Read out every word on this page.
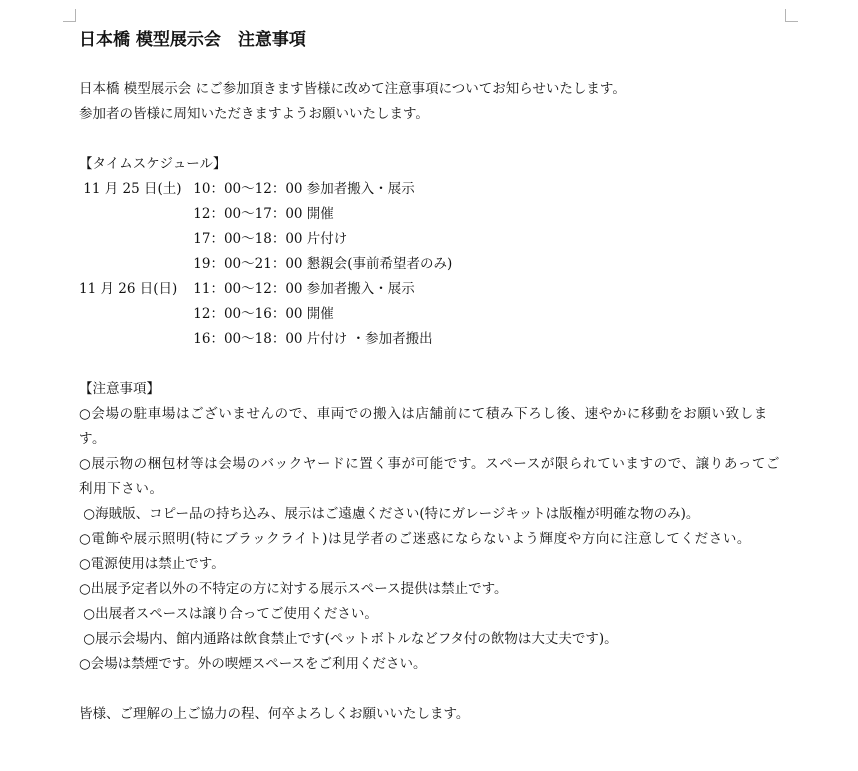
日本橋 模型展示会　注意事項
日本橋 模型展示会 にご参加頂きます皆様に改めて注意事項についてお知らせいたします。
参加者の皆様に周知いただきますようお願いいたします。
【タイムスケジュール】
11 月 25 日(土) 10：00～12：00 参加者搬入・展示
12：00～17：00 開催
17：00～18：00 片付け
19：00～21：00 懇親会(事前希望者のみ)
11 月 26 日(日) 11：00～12：00 参加者搬入・展示
12：00～16：00 開催
16：00～18：00 片付け ・参加者搬出
【注意事項】
○会場の駐車場はございませんので、車両での搬入は店舗前にて積み下ろし後、速やかに移動をお願い致します。
○展示物の梱包材等は会場のバックヤードに置く事が可能です。スペースが限られていますので、譲りあってご利用下さい。
○海賊版、コピー品の持ち込み、展示はご遠慮ください(特にガレージキットは版権が明確な物のみ)。
○電飾や展示照明(特にブラックライト)は見学者のご迷惑にならないよう輝度や方向に注意してください。
○電源使用は禁止です。
○出展予定者以外の不特定の方に対する展示スペース提供は禁止です。
○出展者スペースは譲り合ってご使用ください。
○展示会場内、館内通路は飲食禁止です(ペットボトルなどフタ付の飲物は大丈夫です)。
○会場は禁煙です。外の喫煙スペースをご利用ください。
皆様、ご理解の上ご協力の程、何卒よろしくお願いいたします。
